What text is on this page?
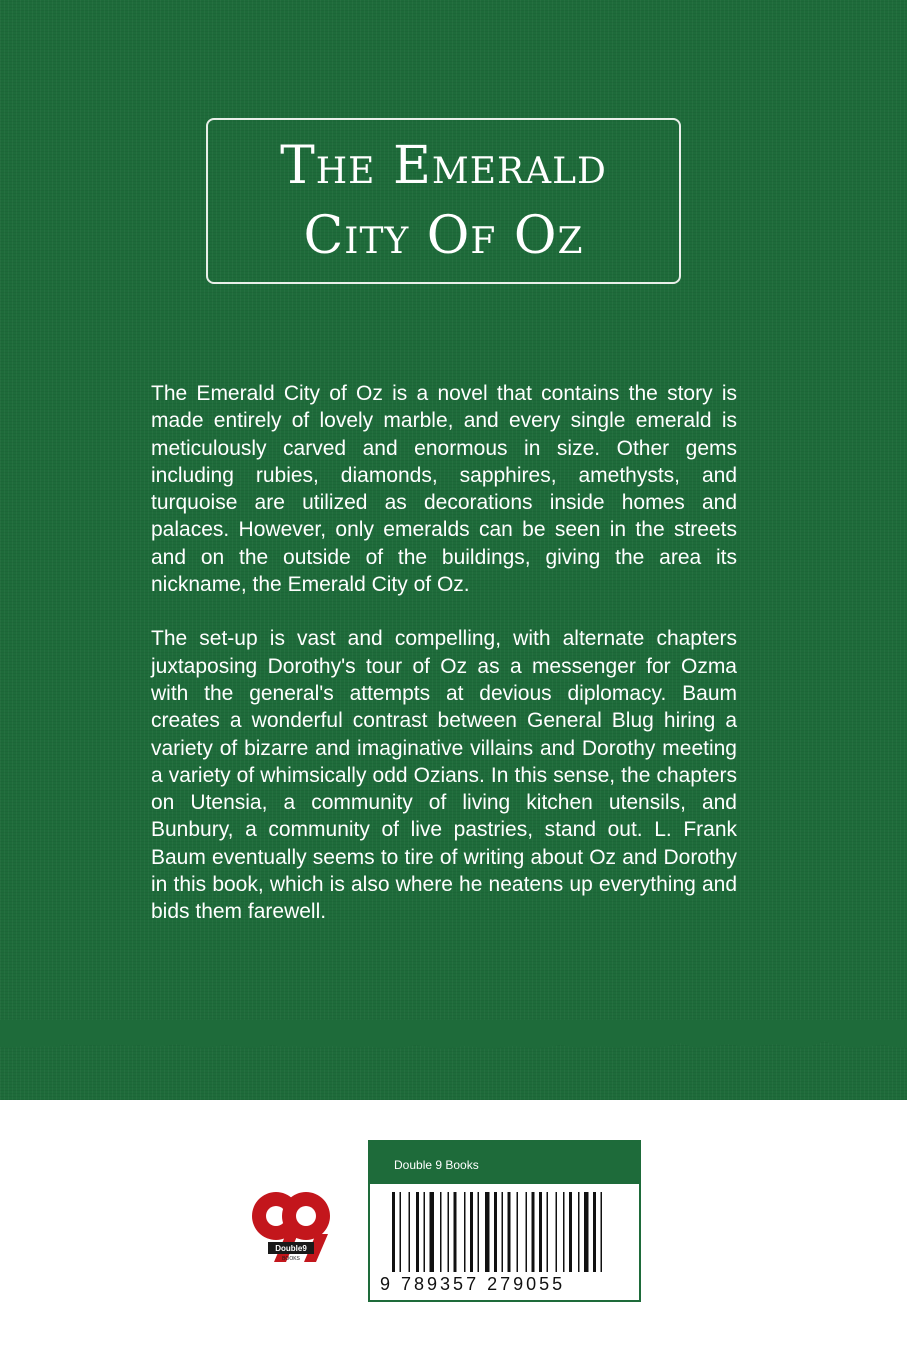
The Emerald
City Of Oz

The Emerald City of Oz is a novel that contains the story is made entirely of lovely marble, and every single emerald is meticulously carved and enormous in size. Other gems including rubies, diamonds, sapphires, amethysts, and turquoise are utilized as decorations inside homes and palaces. However, only emeralds can be seen in the streets and on the outside of the buildings, giving the area its nickname, the Emerald City of Oz.

The set-up is vast and compelling, with alternate chapters juxtaposing Dorothy's tour of Oz as a messenger for Ozma with the general's attempts at devious diplomacy. Baum creates a wonderful contrast between General Blug hiring a variety of bizarre and imaginative villains and Dorothy meeting a variety of whimsically odd Ozians. In this sense, the chapters on Utensia, a community of living kitchen utensils, and Bunbury, a community of live pastries, stand out. L. Frank Baum eventually seems to tire of writing about Oz and Dorothy in this book, which is also where he neatens up everything and bids them farewell.

Double9
BOOKS
Double 9 Books
9 789357 279055
